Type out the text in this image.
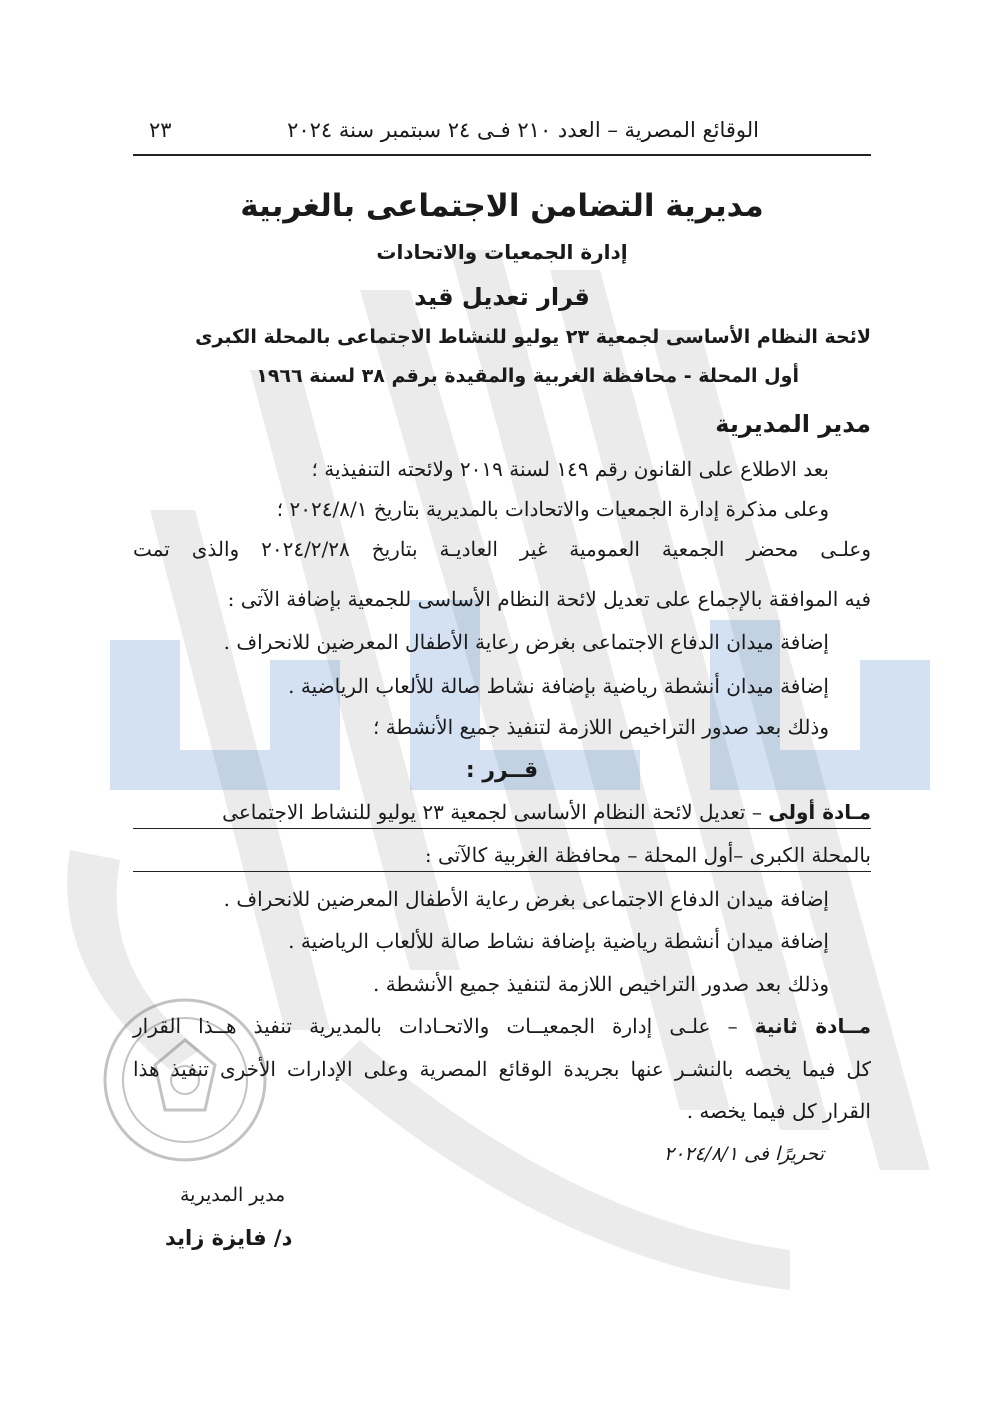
الوقائع المصرية – العدد ٢١٠ فـى ٢٤ سبتمبر سنة ٢٠٢٤
٢٣
مديرية التضامن الاجتماعى بالغربية
إدارة الجمعيات والاتحادات
قرار تعديل قيد
لائحة النظام الأساسى لجمعية ٢٣ يوليو للنشاط الاجتماعى بالمحلة الكبرى
أول المحلة - محافظة الغربية والمقيدة برقم ٣٨ لسنة ١٩٦٦
مدير المديرية
بعد الاطلاع على القانون رقم ١٤٩ لسنة ٢٠١٩ ولائحته التنفيذية ؛
وعلى مذكرة إدارة الجمعيات والاتحادات بالمديرية بتاريخ ٢٠٢٤/٨/١ ؛
وعلـى محضر الجمعية العمومية غير العاديـة بتاريخ ٢٠٢٤/٢/٢٨ والذى تمت
فيه الموافقة بالإجماع على تعديل لائحة النظام الأساسى للجمعية بإضافة الآتى :
إضافة ميدان الدفاع الاجتماعى بغرض رعاية الأطفال المعرضين للانحراف .
إضافة ميدان أنشطة رياضية بإضافة نشاط صالة للألعاب الرياضية .
وذلك بعد صدور التراخيص اللازمة لتنفيذ جميع الأنشطة ؛
قــرر :
مـادة أولى – تعديل لائحة النظام الأساسى لجمعية ٢٣ يوليو للنشاط الاجتماعى
بالمحلة الكبرى –أول المحلة – محافظة الغربية كالآتى :
إضافة ميدان الدفاع الاجتماعى بغرض رعاية الأطفال المعرضين للانحراف .
إضافة ميدان أنشطة رياضية بإضافة نشاط صالة للألعاب الرياضية .
وذلك بعد صدور التراخيص اللازمة لتنفيذ جميع الأنشطة .
مــادة ثانية – علـى إدارة الجمعيــات والاتحـادات بالمديرية تنفيذ هــذا القرار
كل فيما يخصه بالنشـر عنها بجريدة الوقائع المصرية وعلى الإدارات الأخرى تنفيذ هذا
القرار كل فيما يخصه .
تحريرًا فى ٢٠٢٤/٨/١
مدير المديرية
د/ فايزة زايد
